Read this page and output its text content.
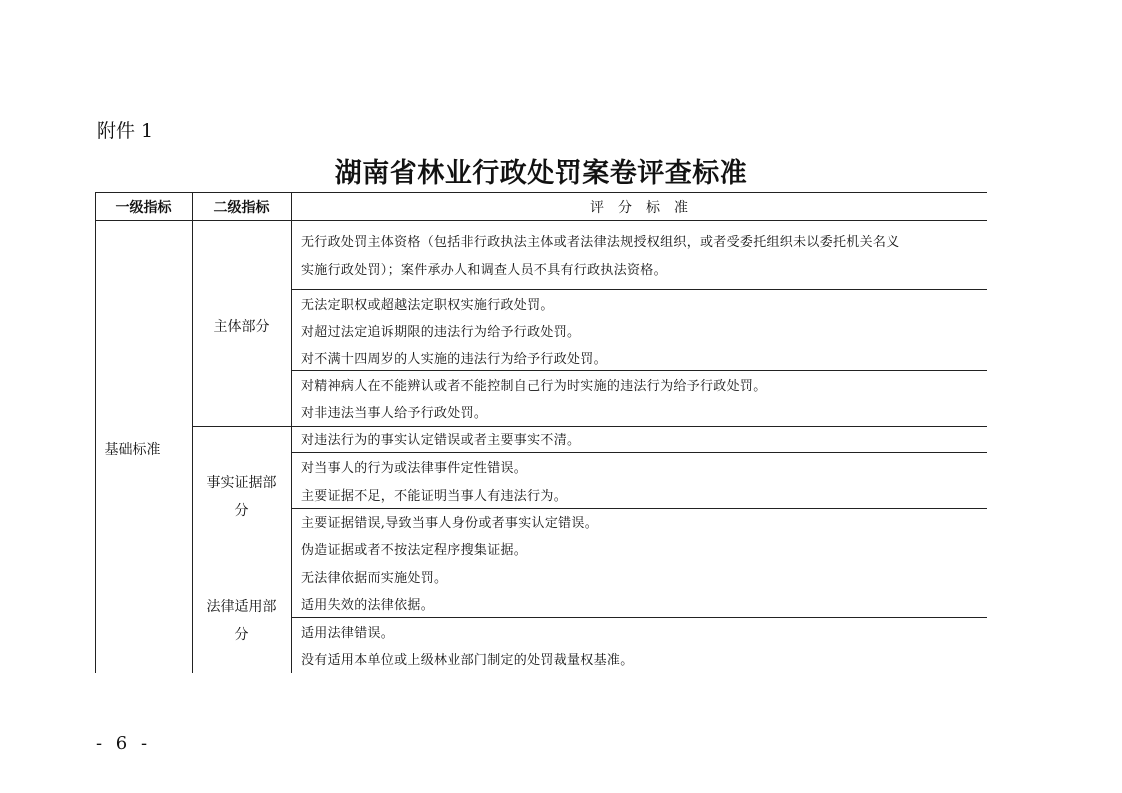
附件 1
湖南省林业行政处罚案卷评查标准
一级指标	二级指标	评　分　标　准
基础标准
主体部分
事实证据部
分
法律适用部
分
无行政处罚主体资格（包括非行政执法主体或者法律法规授权组织，或者受委托组织未以委托机关名义
实施行政处罚）；案件承办人和调查人员不具有行政执法资格。
无法定职权或超越法定职权实施行政处罚。
对超过法定追诉期限的违法行为给予行政处罚。
对不满十四周岁的人实施的违法行为给予行政处罚。
对精神病人在不能辨认或者不能控制自己行为时实施的违法行为给予行政处罚。
对非违法当事人给予行政处罚。
对违法行为的事实认定错误或者主要事实不清。
对当事人的行为或法律事件定性错误。
主要证据不足，不能证明当事人有违法行为。
主要证据错误,导致当事人身份或者事实认定错误。
伪造证据或者不按法定程序搜集证据。
无法律依据而实施处罚。
适用失效的法律依据。
适用法律错误。
没有适用本单位或上级林业部门制定的处罚裁量权基准。
- 6 -
